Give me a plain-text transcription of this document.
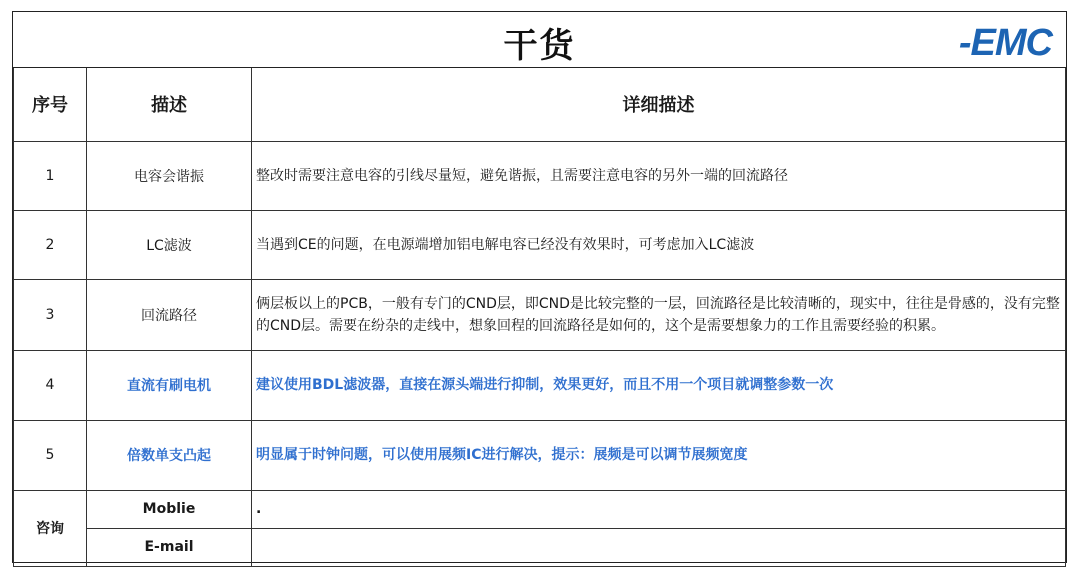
干货	-EMC
序号	描述	详细描述
1	电容会谐振	整改时需要注意电容的引线尽量短，避免谐振，且需要注意电容的另外一端的回流路径
2	LC滤波	当遇到CE的问题，在电源端增加铝电解电容已经没有效果时，可考虑加入LC滤波
3	回流路径	俩层板以上的PCB，一般有专门的CND层，即CND是比较完整的一层，回流路径是比较清晰的，现实中，往往是骨感的，没有完整的CND层。需要在纷杂的走线中，想象回程的回流路径是如何的，这个是需要想象力的工作且需要经验的积累。
4	直流有刷电机	建议使用BDL滤波器，直接在源头端进行抑制，效果更好，而且不用一个项目就调整参数一次
5	倍数单支凸起	明显属于时钟问题，可以使用展频IC进行解决，提示：展频是可以调节展频宽度
咨询	Moblie	.
	E-mail	
